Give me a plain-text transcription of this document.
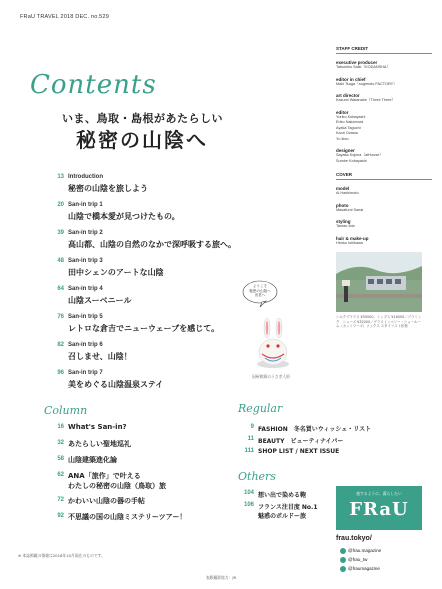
FRaU TRAVEL 2018 DEC. no.529
Contents
いま、鳥取・島根があたらしい
秘密の山陰へ
13 Introduction
秘密の山陰を旅しよう
20 San-in trip 1
山陰で橋本愛が見つけたもの。
39 San-in trip 2
高山都、山陰の自然のなかで深呼吸する旅へ。
48 San-in trip 3
田中シェンのアートな山陰
64 San-in trip 4
山陰スーベニール
76 San-in trip 5
レトロな倉吉でニューウェーブを感じて。
82 San-in trip 6
召しませ、山陰！
96 San-in trip 7
美をめぐる山陰温泉ステイ
ようこそ
秘密の山陰へ
出雲へ
因州和紙のうさぎ人形
Column
16 What's San-in?
32 あたらしい聖地巡礼
58 山陰建築進化論
62 ANA「旅作」で叶える
わたしの秘密の山陰（鳥取）旅
72 かわいい山陰の器の手帖
92 不思議の国の山陰ミステリーツアー！
Regular
9 FASHION　冬名買いウィッシュ・リスト
11 BEAUTY　ビューティナイパー
111 SHOP LIST / NEXT ISSUE
Others
104 想い出で染める鞄
106 フランス注目度 No.1
魅惑のボルドー旅
STAFF CREDIT
executive producer
Tatsuhiko Saiki（KODANSHA）
editor in chief
Maki Tsuga（sugimoto FACTORY）
art director
Kazumi Watanabe（Three Three）
editor
Yuriko Kobayashi
Eriko Nakamura
Ayaka Taguchi
Kaori Ozawa
Yu Ikeo
designer
Sayaka Kojima（atHouse）
Sumire Kobayashi
COVER
model
Ai Hashimoto
photo
Masafumi Sanai
styling
Tamao Iida
hair & make-up
Hiroko Ishikawa
シルクブラウス ¥55000、トップス ¥16000／ブラミンク　シューズ ¥32000／グラストンベリー・ショールーム（カットワーズ）ソックス スタイリスト私物
旅するように、暮らしたい
FRaU
frau.tokyo/
@frau.magazine
@frau_tw
@fraumagazine
※ 本誌掲載の情報は2018年10月現在のものです。
表紙撮影協力：JR
